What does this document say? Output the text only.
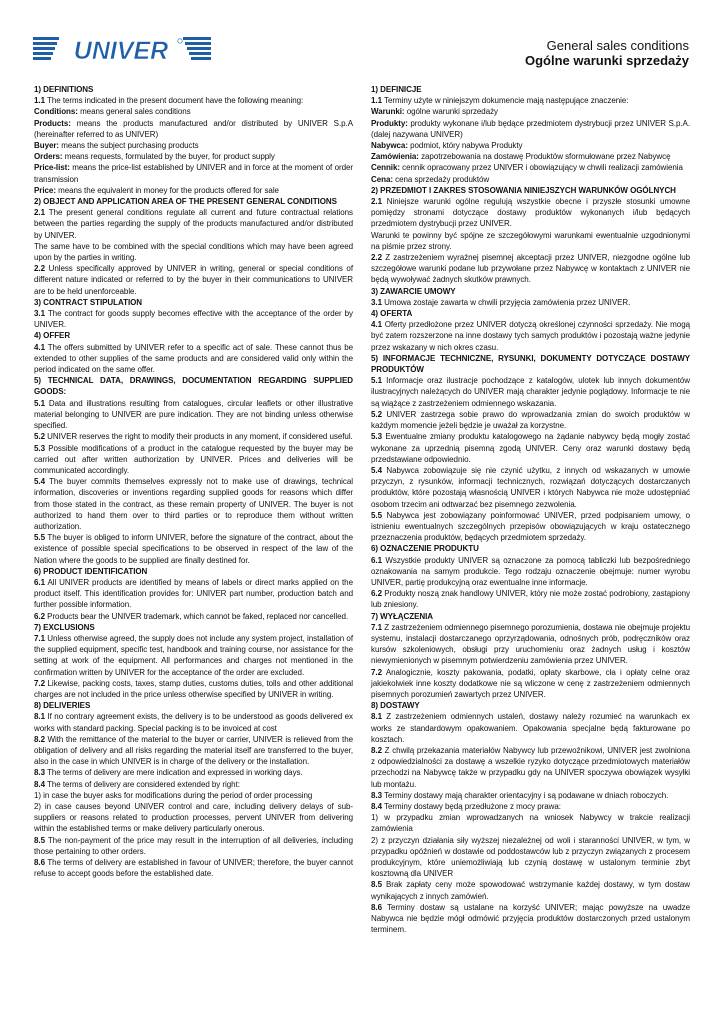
UNIVER	General sales conditions
Ogólne warunki sprzedaży

1) DEFINITIONS

1.1 The terms indicated in the present document have the following meaning:

Conditions: means general sales conditions

Products: means the products manufactured and/or distributed by UNIVER S.p.A (hereinafter referred to as UNIVER)

Buyer: means the subject purchasing products

Orders: means requests, formulated by the buyer, for product supply

Price-list: means the price-list established by UNIVER and in force at the moment of order transmission

Price: means the equivalent in money for the products offered for sale

2) OBJECT AND APPLICATION AREA OF THE PRESENT GENERAL CONDITIONS

2.1 The present general conditions regulate all current and future contractual relations between the parties regarding the supply of the products manufactured and/or distributed by UNIVER.

The same have to be combined with the special conditions which may have been agreed upon by the parties in writing.

2.2 Unless specifically approved by UNIVER in writing, general or special conditions of different nature indicated or referred to by the buyer in their communications to UNIVER are to be held unenforceable.

3) CONTRACT STIPULATION

3.1 The contract for goods supply becomes effective with the acceptance of the order by UNIVER.

4) OFFER

4.1 The offers submitted by UNIVER refer to a specific act of sale. These cannot thus be extended to other supplies of the same products and are considered valid only within the period indicated on the same offer.

5) TECHNICAL DATA, DRAWINGS, DOCUMENTATION REGARDING SUPPLIED GOODS:

5.1 Data and illustrations resulting from catalogues, circular leaflets or other illustrative material belonging to UNIVER are pure indication. They are not binding unless otherwise specified.

5.2 UNIVER reserves the right to modify their products in any moment, if considered useful.

5.3 Possible modifications of a product in the catalogue requested by the buyer may be carried out after written authorization by UNIVER. Prices and deliveries will be communicated accordingly.

5.4 The buyer commits themselves expressly not to make use of drawings, technical information, discoveries or inventions regarding supplied goods for reasons which differ from those stated in the contract, as these remain property of UNIVER. The buyer is not authorized to hand them over to third parties or to reproduce them without written authorization.

5.5 The buyer is obliged to inform UNIVER, before the signature of the contract, about the existence of possible special specifications to be observed in respect of the law of the Nation where the goods to be supplied are finally destined for.

6) PRODUCT IDENTIFICATION

6.1 All UNIVER products are identified by means of labels or direct marks applied on the product itself. This identification provides for: UNIVER part number, production batch and further possible information.

6.2 Products bear the UNIVER trademark, which cannot be faked, replaced nor cancelled.

7) EXCLUSIONS

7.1 Unless otherwise agreed, the supply does not include any system project, installation of the supplied equipment, specific test, handbook and training course, nor assistance for the setting at work of the equipment. All performances and charges not mentioned in the confirmation written by UNIVER for the acceptance of the order are excluded.

7.2 Likewise, packing costs, taxes, stamp duties, customs duties, tolls and other additional charges are not included in the price unless otherwise specified by UNIVER in writing.

8) DELIVERIES

8.1 If no contrary agreement exists, the delivery is to be understood as goods delivered ex works with standard packing. Special packing is to be invoiced at cost

8.2 With the remittance of the material to the buyer or carrier, UNIVER is relieved from the obligation of delivery and all risks regarding the material itself are transferred to the buyer, also in the case in which UNIVER is in charge of the delivery or the installation.

8.3 The terms of delivery are mere indication and expressed in working days.

8.4 The terms of delivery are considered extended by right:

1) in case the buyer asks for modifications during the period of order processing

2) in case causes beyond UNIVER control and care, including delivery delays of sub-suppliers or reasons related to production processes, pervent UNIVER from delivering within the established terms or make delivery particularly onerous.

8.5 The non-payment of the price may result in the interruption of all deliveries, including those pertaining to other orders.

8.6 The terms of delivery are established in favour of UNIVER; therefore, the buyer cannot refuse to accept goods before the established date.

1) DEFINICJE

1.1 Terminy użyte w niniejszym dokumencie mają następujące znaczenie:

Warunki: ogólne warunki sprzedaży

Produkty: produkty wykonane i/lub będące przedmiotem dystrybucji przez UNIVER S.p.A. (dalej nazywana UNIVER)

Nabywca: podmiot, który nabywa Produkty

Zamówienia: zapotrzebowania na dostawę Produktów sformułowane przez Nabywcę

Cennik: cennik opracowany przez UNIVER i obowiązujący w chwili realizacji zamówienia

Cena: cena sprzedaży produktów

2) PRZEDMIOT I ZAKRES STOSOWANIA NINIEJSZYCH WARUNKÓW OGÓLNYCH

2.1 Niniejsze warunki ogólne regulują wszystkie obecne i przyszłe stosunki umowne pomiędzy stronami dotyczące dostawy produktów wykonanych i/lub będących przedmiotem dystrybucji przez UNIVER.

Warunki te powinny być spójne ze szczegółowymi warunkami ewentualnie uzgodnionymi na piśmie przez strony.

2.2 Z zastrzeżeniem wyraźnej pisemnej akceptacji przez UNIVER, niezgodne ogólne lub szczegółowe warunki podane lub przywołane przez Nabywcę w kontaktach z UNIVER nie będą wywoływać żadnych skutków prawnych.

3) ZAWARCIE UMOWY

3.1 Umowa zostaje zawarta w chwili przyjęcia zamówienia przez UNIVER.

4) OFERTA

4.1 Oferty przedłożone przez UNIVER dotyczą określonej czynności sprzedaży. Nie mogą być zatem rozszerzone na inne dostawy tych samych produktów i pozostają ważne jedynie przez wskazany w nich okres czasu.

5) INFORMACJE TECHNICZNE, RYSUNKI, DOKUMENTY DOTYCZĄCE DOSTAWY PRODUKTÓW

5.1 Informacje oraz ilustracje pochodzące z katalogów, ulotek lub innych dokumentów ilustracyjnych należących do UNIVER mają charakter jedynie poglądowy. Informacje te nie są wiążące z zastrzeżeniem odmiennego wskazania.

5.2 UNIVER zastrzega sobie prawo do wprowadzania zmian do swoich produktów w każdym momencie jeżeli będzie je uważał za korzystne.

5.3 Ewentualne zmiany produktu katalogowego na żądanie nabywcy będą mogły zostać wykonane za uprzednią pisemną zgodą UNIVER. Ceny oraz warunki dostawy będą przedstawiane odpowiednio.

5.4 Nabywca zobowiązuje się nie czynić użytku, z innych od wskazanych w umowie przyczyn, z rysunków, informacji technicznych, rozwiązań dotyczących dostarczanych produktów, które pozostają własnością UNIVER i których Nabywca nie może udostępniać osobom trzecim ani odtwarzać bez pisemnego zezwolenia.

5.5 Nabywca jest zobowiązany poinformować UNIVER, przed podpisaniem umowy, o istnieniu ewentualnych szczególnych przepisów obowiązujących w kraju ostatecznego przeznaczenia produktów, będących przedmiotem sprzedaży.

6) OZNACZENIE PRODUKTU

6.1 Wszystkie produkty UNIVER są oznaczone za pomocą tabliczki lub bezpośredniego oznakowania na samym produkcie. Tego rodzaju oznaczenie obejmuje: numer wyrobu UNIVER, partię produkcyjną oraz ewentualne inne informacje.

6.2 Produkty noszą znak handlowy UNIVER, który nie może zostać podrobiony, zastąpiony lub zniesiony.

7) WYŁĄCZENIA

7.1 Z zastrzeżeniem odmiennego pisemnego porozumienia, dostawa nie obejmuje projektu systemu, instalacji dostarczanego oprzyrządowania, odnośnych prób, podręczników oraz kursów szkoleniowych, obsługi przy uruchomieniu oraz żadnych usług i kosztów niewymienionych w pisemnym potwierdzeniu zamówienia przez UNIVER.

7.2 Analogicznie, koszty pakowania, podatki, opłaty skarbowe, cła i opłaty celne oraz jakiekolwiek inne koszty dodatkowe nie są wliczone w cenę z zastrzeżeniem odmiennych pisemnych porozumień zawartych przez UNIVER.

8) DOSTAWY

8.1 Z zastrzeżeniem odmiennych ustaleń, dostawy należy rozumieć na warunkach ex works ze standardowym opakowaniem. Opakowania specjalne będą fakturowane po kosztach.

8.2 Z chwilą przekazania materiałów Nabywcy lub przewoźnikowi, UNIVER jest zwolniona z odpowiedzialności za dostawę a wszelkie ryzyko dotyczące przedmiotowych materiałów przechodzi na Nabywcę także w przypadku gdy na UNIVER spoczywa obowiązek wysyłki lub montażu.

8.3 Terminy dostawy mają charakter orientacyjny i są podawane w dniach roboczych.

8.4 Terminy dostawy będą przedłużone z mocy prawa:

1) w przypadku zmian wprowadzanych na wniosek Nabywcy w trakcie realizacji zamówienia

2) z przyczyn działania siły wyższej niezależnej od woli i staranności UNIVER, w tym, w przypadku opóźnień w dostawie od poddostawców lub z przyczyn związanych z procesem produkcyjnym, które uniemożliwiają lub czynią dostawę w ustalonym terminie zbyt kosztowną dla UNIVER

8.5 Brak zapłaty ceny może spowodować wstrzymanie każdej dostawy, w tym dostaw wynikających z innych zamówień.

8.6 Terminy dostaw są ustalane na korzyść UNIVER; mając powyższe na uwadze Nabywca nie będzie mógł odmówić przyjęcia produktów dostarczonych przed ustalonym terminem.
